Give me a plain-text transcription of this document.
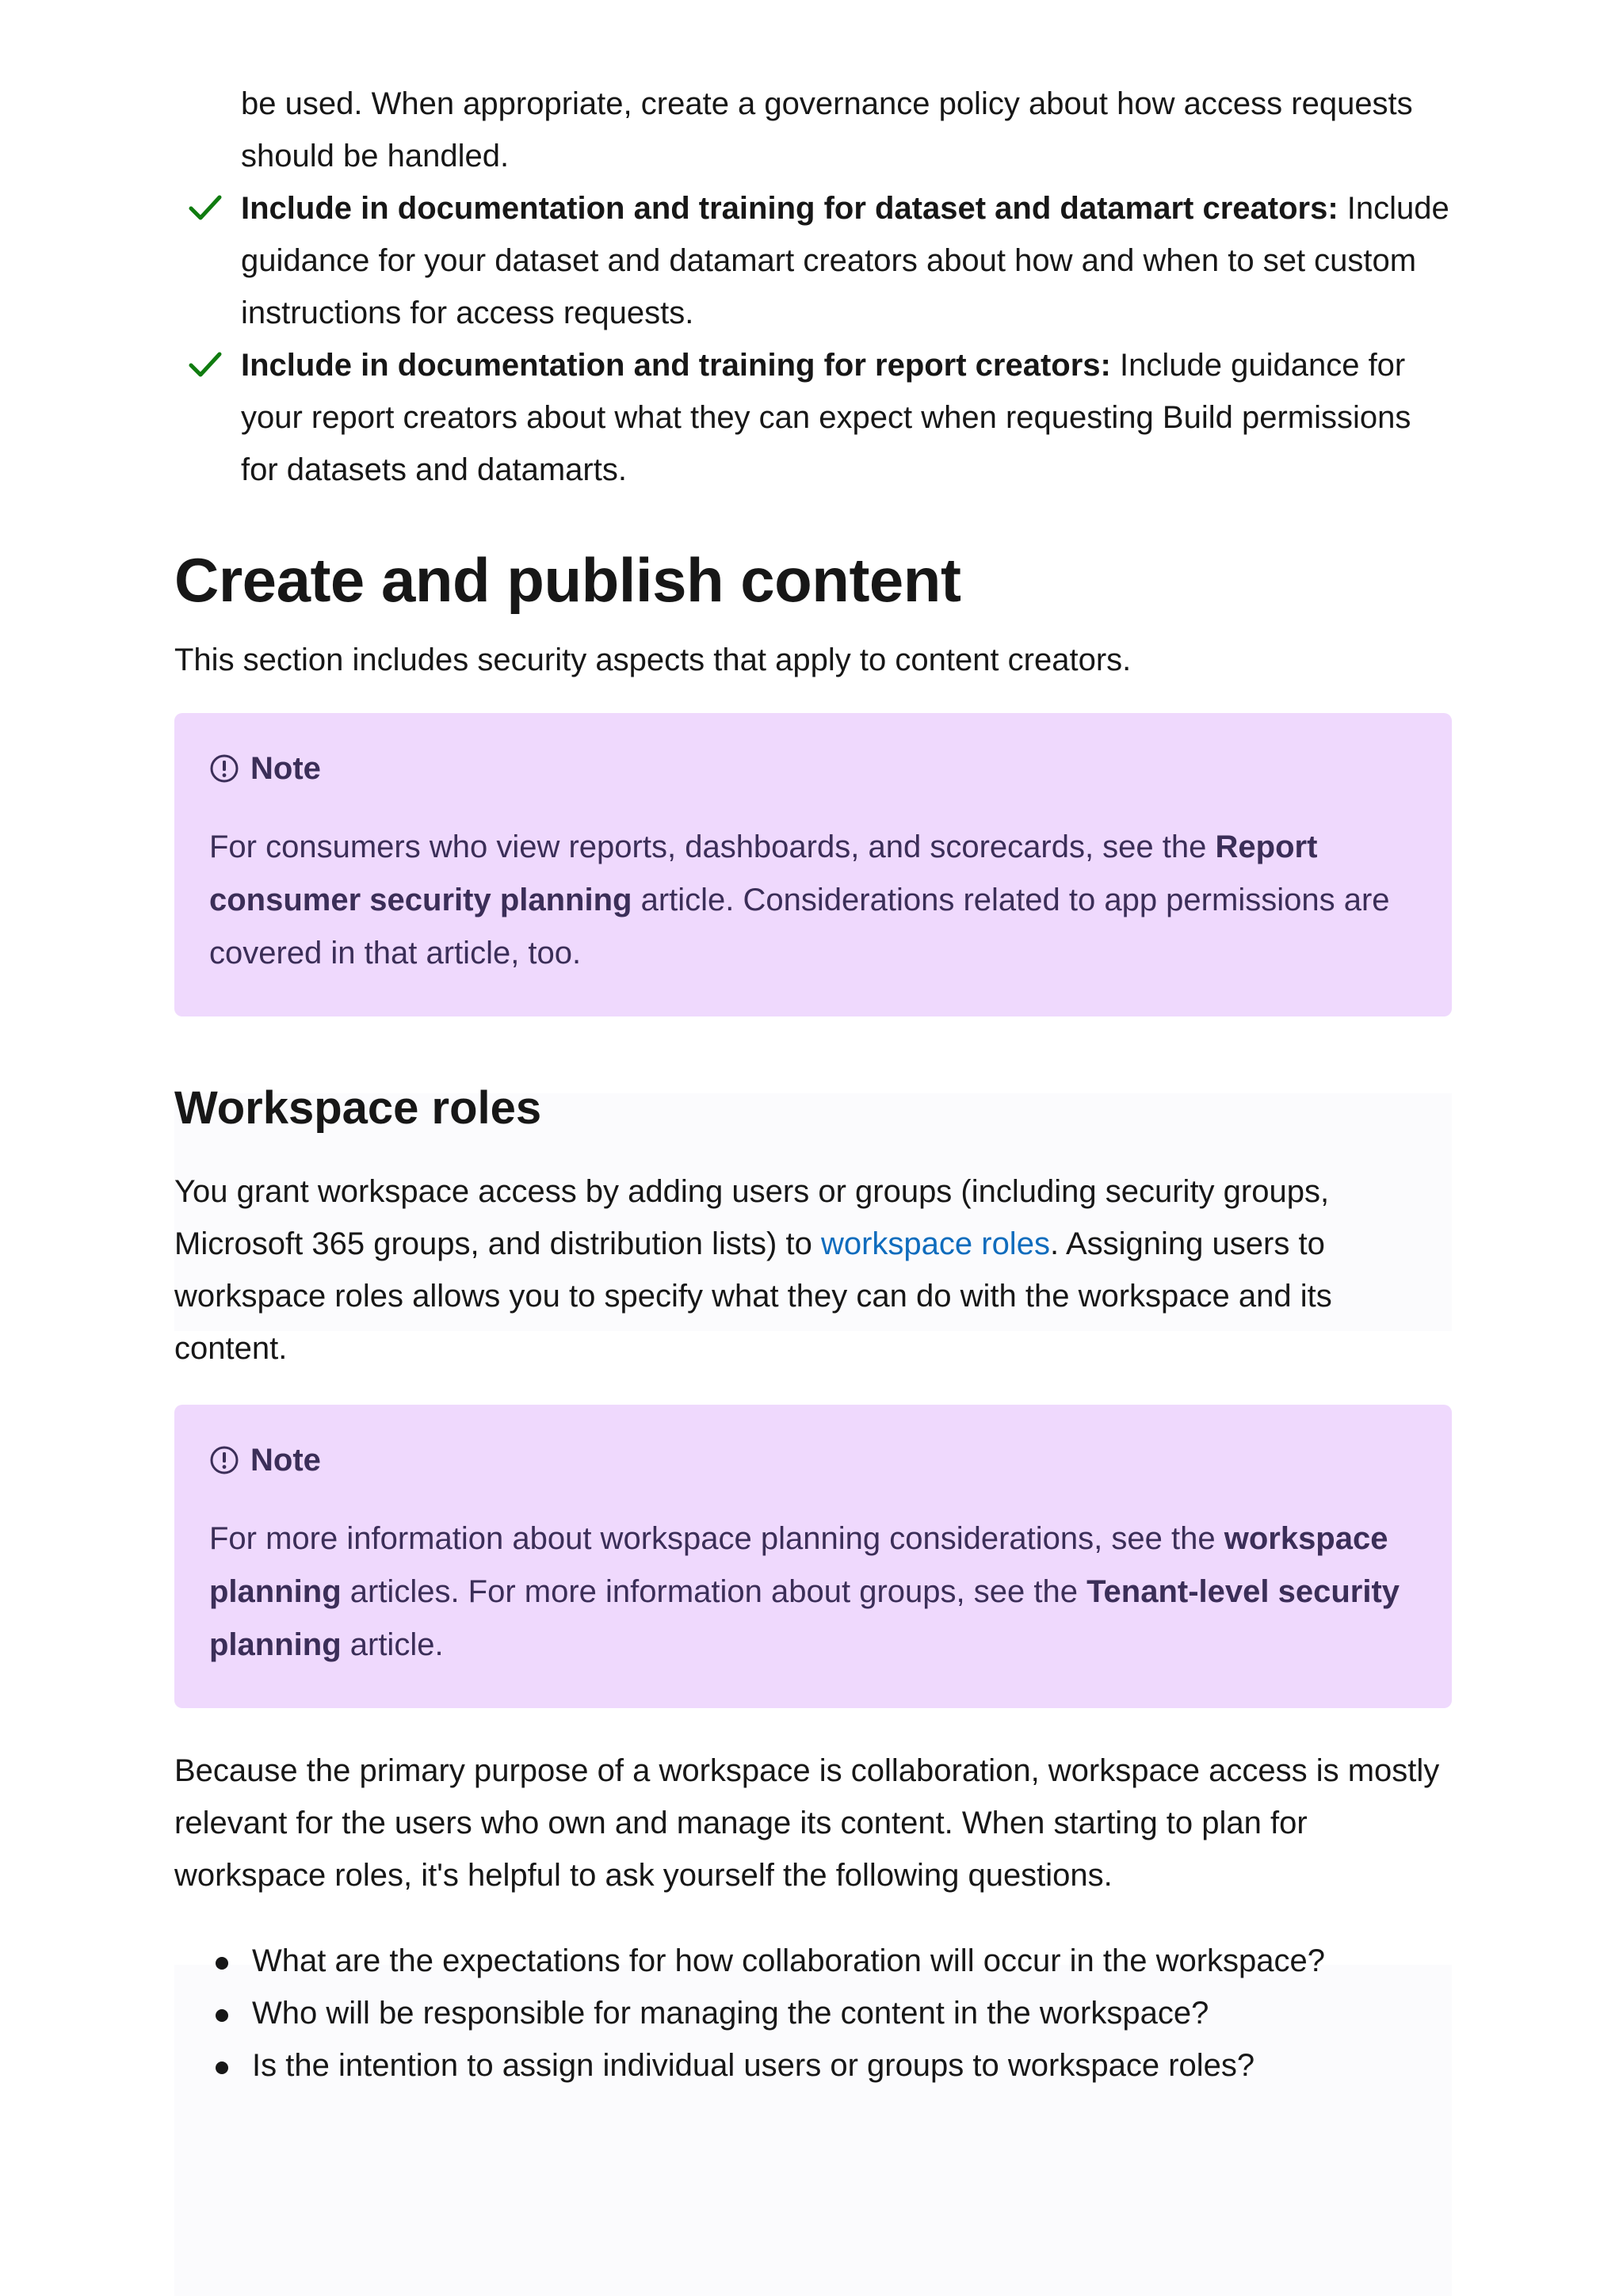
be used. When appropriate, create a governance policy about how access requests should be handled.

Include in documentation and training for dataset and datamart creators: Include guidance for your dataset and datamart creators about how and when to set custom instructions for access requests.
Include in documentation and training for report creators: Include guidance for your report creators about what they can expect when requesting Build permissions for datasets and datamarts.
Create and publish content

This section includes security aspects that apply to content creators.

Note
For consumers who view reports, dashboards, and scorecards, see the Report consumer security planning article. Considerations related to app permissions are covered in that article, too.
Workspace roles

You grant workspace access by adding users or groups (including security groups, Microsoft 365 groups, and distribution lists) to workspace roles. Assigning users to workspace roles allows you to specify what they can do with the workspace and its content.

Note
For more information about workspace planning considerations, see the workspace planning articles. For more information about groups, see the Tenant-level security planning article.

Because the primary purpose of a workspace is collaboration, workspace access is mostly relevant for the users who own and manage its content. When starting to plan for workspace roles, it's helpful to ask yourself the following questions.

What are the expectations for how collaboration will occur in the workspace?
Who will be responsible for managing the content in the workspace?
Is the intention to assign individual users or groups to workspace roles?
